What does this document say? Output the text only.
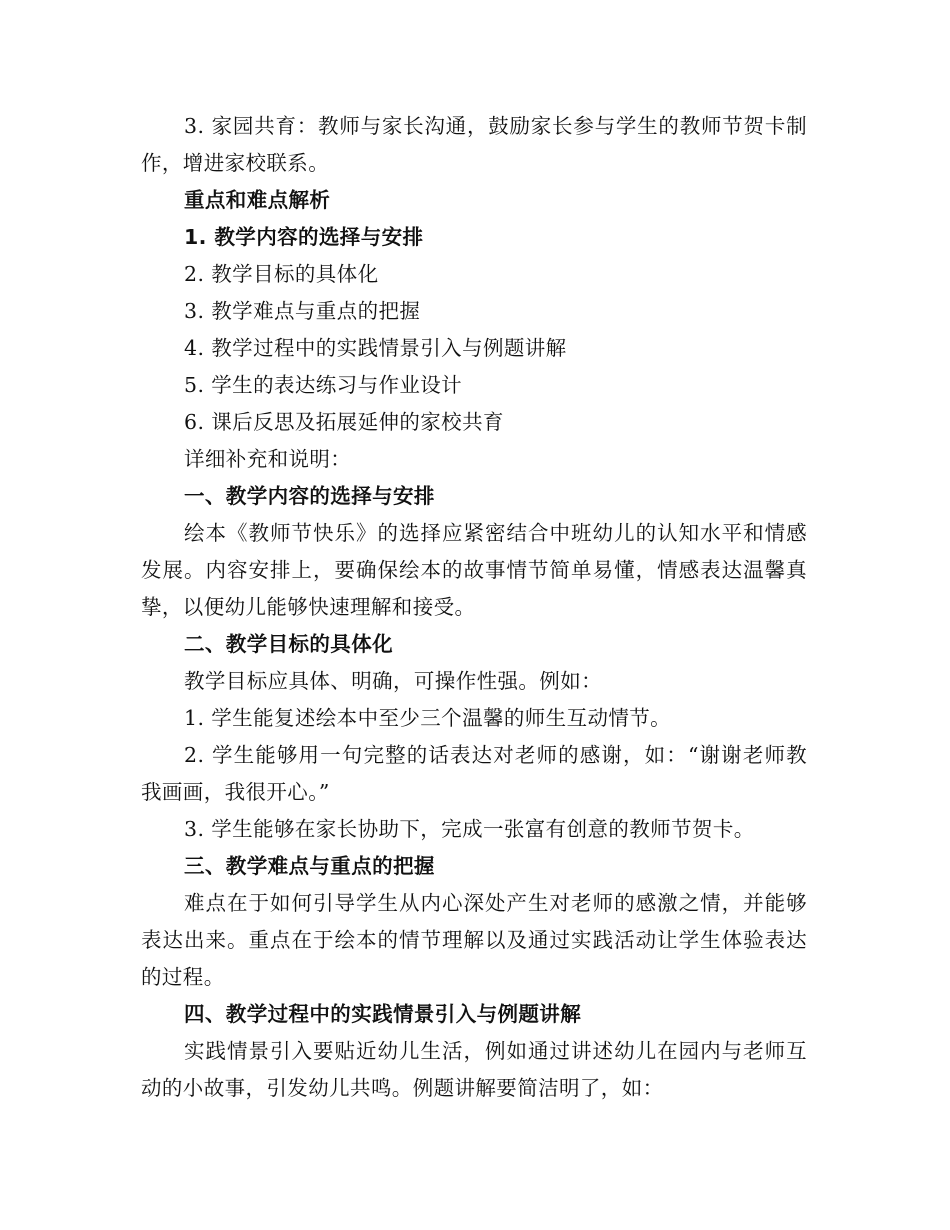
3. 家园共育：教师与家长沟通，鼓励家长参与学生的教师节贺卡制作，增进家校联系。

重点和难点解析

1. 教学内容的选择与安排

2. 教学目标的具体化

3. 教学难点与重点的把握

4. 教学过程中的实践情景引入与例题讲解

5. 学生的表达练习与作业设计

6. 课后反思及拓展延伸的家校共育

详细补充和说明：

一、教学内容的选择与安排

绘本《教师节快乐》的选择应紧密结合中班幼儿的认知水平和情感发展。内容安排上，要确保绘本的故事情节简单易懂，情感表达温馨真挚，以便幼儿能够快速理解和接受。

二、教学目标的具体化

教学目标应具体、明确，可操作性强。例如：

1. 学生能复述绘本中至少三个温馨的师生互动情节。

2. 学生能够用一句完整的话表达对老师的感谢，如：“谢谢老师教我画画，我很开心。”

3. 学生能够在家长协助下，完成一张富有创意的教师节贺卡。

三、教学难点与重点的把握

难点在于如何引导学生从内心深处产生对老师的感激之情，并能够表达出来。重点在于绘本的情节理解以及通过实践活动让学生体验表达的过程。

四、教学过程中的实践情景引入与例题讲解

实践情景引入要贴近幼儿生活，例如通过讲述幼儿在园内与老师互动的小故事，引发幼儿共鸣。例题讲解要简洁明了，如：
